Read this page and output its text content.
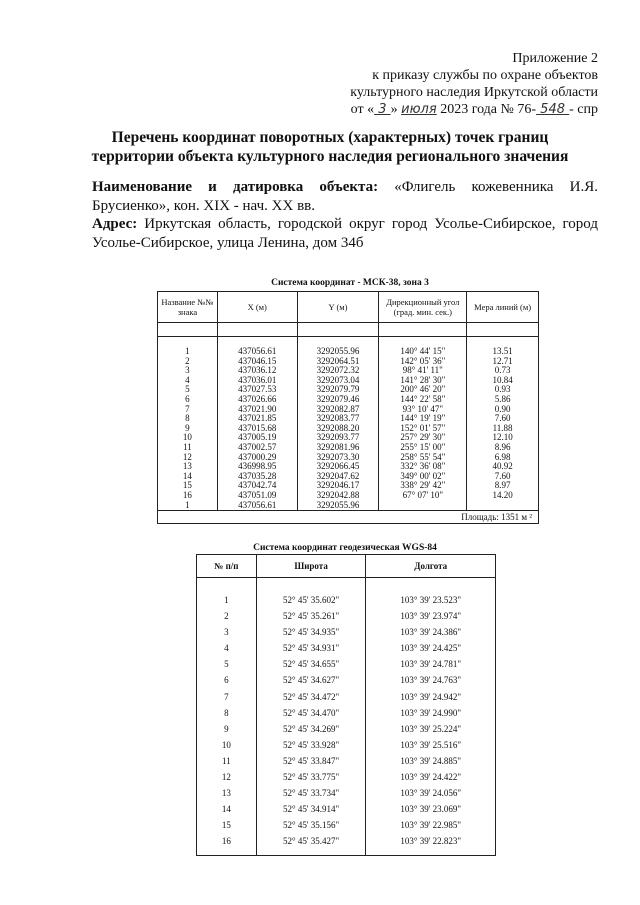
Приложение 2
к приказу службы по охране объектов
культурного наследия Иркутской области
от « 3 » июля 2023 года № 76- 548 - спр
Перечень координат поворотных (характерных) точек границ
территории объекта культурного наследия регионального значения
Наименование и датировка объекта: «Флигель кожевенника И.Я. Брусиенко», кон. XIX - нач. XX вв.
Адрес: Иркутская область, городской округ город Усолье-Сибирское, город Усолье-Сибирское, улица Ленина, дом 34б
Система координат - МСК-38, зона 3
Название №№ знака	X (м)	Y (м)	Дирекционный угол (град. мин. сек.)	Мера линий (м)

1	437056.61	3292055.96	140° 44' 15"	13.51
2	437046.15	3292064.51	142° 05' 36"	12.71
3	437036.12	3292072.32	98° 41' 11"	0.73
4	437036.01	3292073.04	141° 28' 30"	10.84
5	437027.53	3292079.79	200° 46' 20"	0.93
6	437026.66	3292079.46	144° 22' 58"	5.86
7	437021.90	3292082.87	93° 10' 47"	0.90
8	437021.85	3292083.77	144° 19' 19"	7.60
9	437015.68	3292088.20	152° 01' 57"	11.88
10	437005.19	3292093.77	257° 29' 30"	12.10
11	437002.57	3292081.96	255° 15' 00"	8.96
12	437000.29	3292073.30	258° 55' 54"	6.98
13	436998.95	3292066.45	332° 36' 08"	40.92
14	437035.28	3292047.62	349° 00' 02"	7.60
15	437042.74	3292046.17	338° 29' 42"	8.97
16	437051.09	3292042.88	67° 07' 10"	14.20
1	437056.61	3292055.96		
Площадь: 1351 м ²				
Система координат геодезическая WGS-84
№ п/п	Широта	Долгота

1	52° 45' 35.602"	103° 39' 23.523"
2	52° 45' 35.261"	103° 39' 23.974"
3	52° 45' 34.935"	103° 39' 24.386"
4	52° 45' 34.931"	103° 39' 24.425"
5	52° 45' 34.655"	103° 39' 24.781"
6	52° 45' 34.627"	103° 39' 24.763"
7	52° 45' 34.472"	103° 39' 24.942"
8	52° 45' 34.470"	103° 39' 24.990"
9	52° 45' 34.269"	103° 39' 25.224"
10	52° 45' 33.928"	103° 39' 25.516"
11	52° 45' 33.847"	103° 39' 24.885"
12	52° 45' 33.775"	103° 39' 24.422"
13	52° 45' 33.734"	103° 39' 24.056"
14	52° 45' 34.914"	103° 39' 23.069"
15	52° 45' 35.156"	103° 39' 22.985"
16	52° 45' 35.427"	103° 39' 22.823"
